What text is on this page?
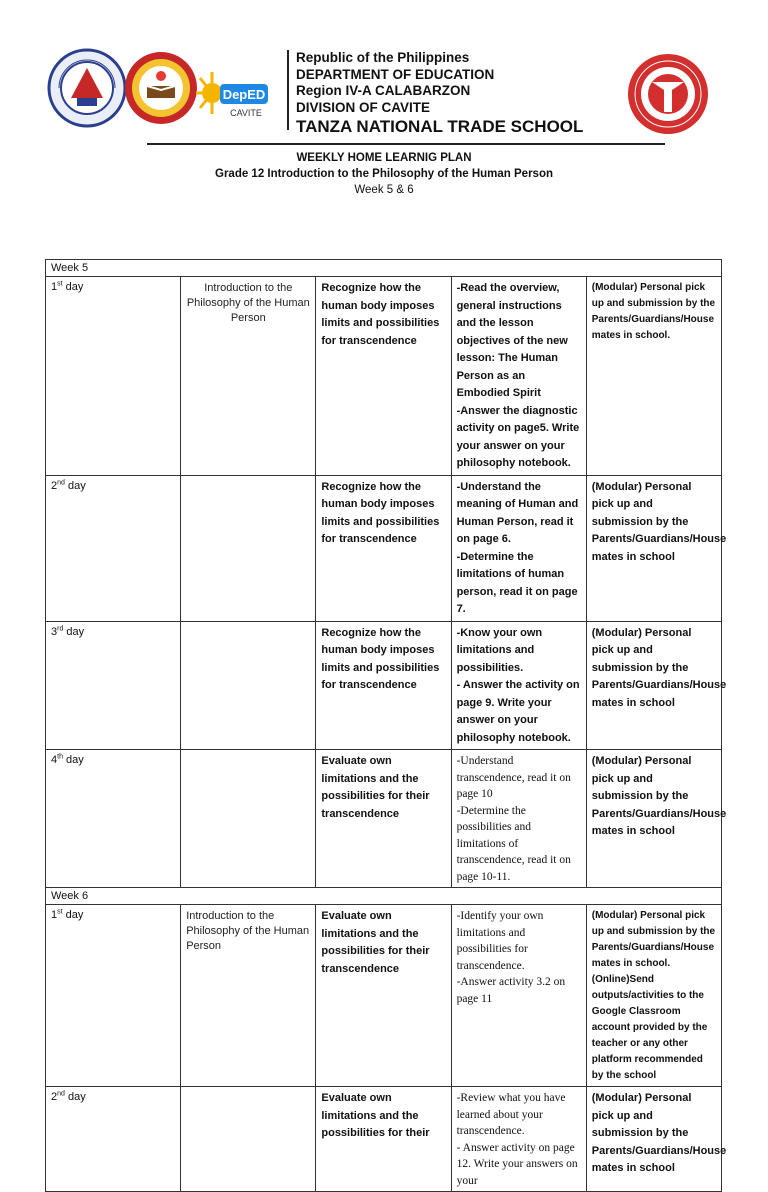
DepED
CAVITE
Republic of the Philippines
DEPARTMENT OF EDUCATION
Region IV-A CALABARZON
DIVISION OF CAVITE
TANZA NATIONAL TRADE SCHOOL
WEEKLY HOME LEARNIG PLAN
Grade 12 Introduction to the Philosophy of the Human Person
Week 5 & 6
Week 5				
1st day	Introduction to the Philosophy of the Human Person	Recognize how the human body imposes limits and possibilities for transcendence	-Read the overview, general instructions and the lesson objectives of the new lesson: The Human Person as an Embodied Spirit
-Answer the diagnostic activity on page5. Write your answer on your philosophy notebook.	(Modular) Personal pick up and submission by the Parents/Guardians/House mates in school.
2nd day		Recognize how the human body imposes limits and possibilities for transcendence	-Understand the meaning of Human and Human Person, read it on page 6.
-Determine the limitations of human person, read it on page 7.	(Modular) Personal pick up and submission by the Parents/Guardians/House mates in school
3rd day		Recognize how the human body imposes limits and possibilities for transcendence	-Know your own limitations and possibilities.
- Answer the activity on page 9. Write your answer on your philosophy notebook.	(Modular) Personal pick up and submission by the Parents/Guardians/House mates in school
4th day		Evaluate own limitations and the possibilities for their transcendence	-Understand transcendence, read it on page 10
-Determine the possibilities and limitations of transcendence, read it on page 10-11.	(Modular) Personal pick up and submission by the Parents/Guardians/House mates in school
Week 6				
1st day	Introduction to the Philosophy of the Human Person	Evaluate own limitations and the possibilities for their transcendence	-Identify your own limitations and possibilities for transcendence.
-Answer activity 3.2 on page 11	(Modular) Personal pick up and submission by the Parents/Guardians/House mates in school.
(Online)Send outputs/activities to the Google Classroom account provided by the teacher or any other platform recommended by the school
2nd day		Evaluate own limitations and the possibilities for their	-Review what you have learned about your transcendence.
- Answer activity on page 12. Write your answers on your	(Modular) Personal pick up and submission by the Parents/Guardians/House mates in school
